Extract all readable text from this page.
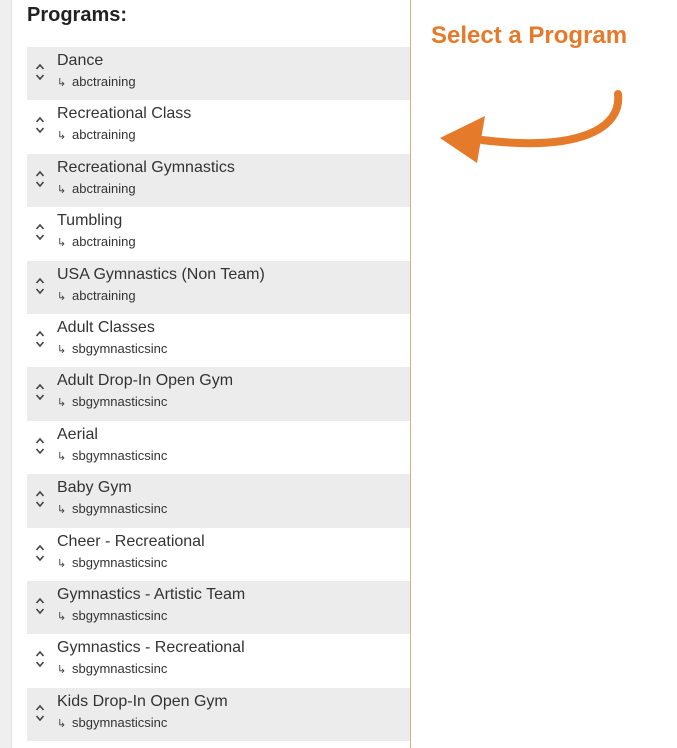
Programs:
Dance
↳ abctraining
Recreational Class
↳ abctraining
Recreational Gymnastics
↳ abctraining
Tumbling
↳ abctraining
USA Gymnastics (Non Team)
↳ abctraining
Adult Classes
↳ sbgymnasticsinc
Adult Drop-In Open Gym
↳ sbgymnasticsinc
Aerial
↳ sbgymnasticsinc
Baby Gym
↳ sbgymnasticsinc
Cheer - Recreational
↳ sbgymnasticsinc
Gymnastics - Artistic Team
↳ sbgymnasticsinc
Gymnastics - Recreational
↳ sbgymnasticsinc
Kids Drop-In Open Gym
↳ sbgymnasticsinc
Select a Program
